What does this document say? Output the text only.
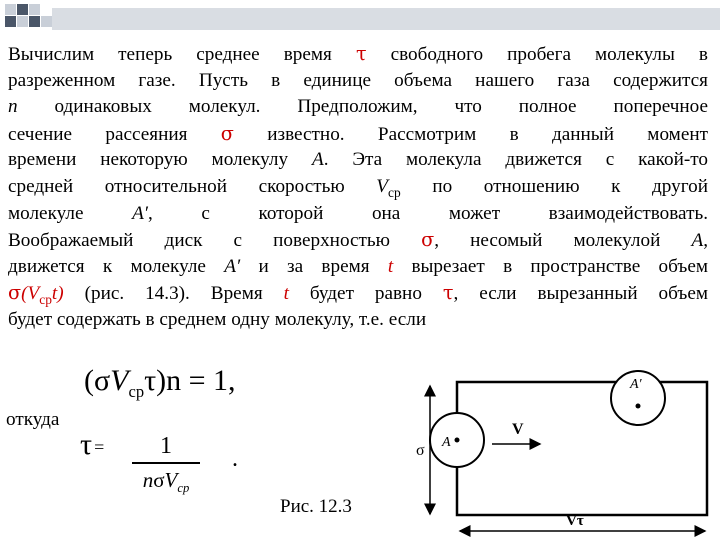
Вычислим теперь среднее время τ свободного пробега молекулы в
разреженном газе. Пусть в единице объема нашего газа содержится
n одинаковых молекул. Предположим, что полное поперечное
сечение рассеяния σ известно. Рассмотрим в данный момент
времени некоторую молекулу A. Эта молекула движется с какой-то
средней относительной скоростью $V_{ср}$ по отношению к другой
молекуле A′, с которой она может взаимодействовать.
Воображаемый диск с поверхностью σ, несомый молекулой A,
движется к молекуле A′ и за время t вырезает в пространстве объем
$\sigma(V_{ср}t)$ (рис. 14.3). Время t будет равно τ, если вырезанный объем
будет содержать в среднем одну молекулу, т.е. если
$(\sigma V_{ср}\tau)n = 1$,
откуда
τ =	1
nσV$_{ср}$
.
Рис. 12.3
σ A
A′
V
Vτ
